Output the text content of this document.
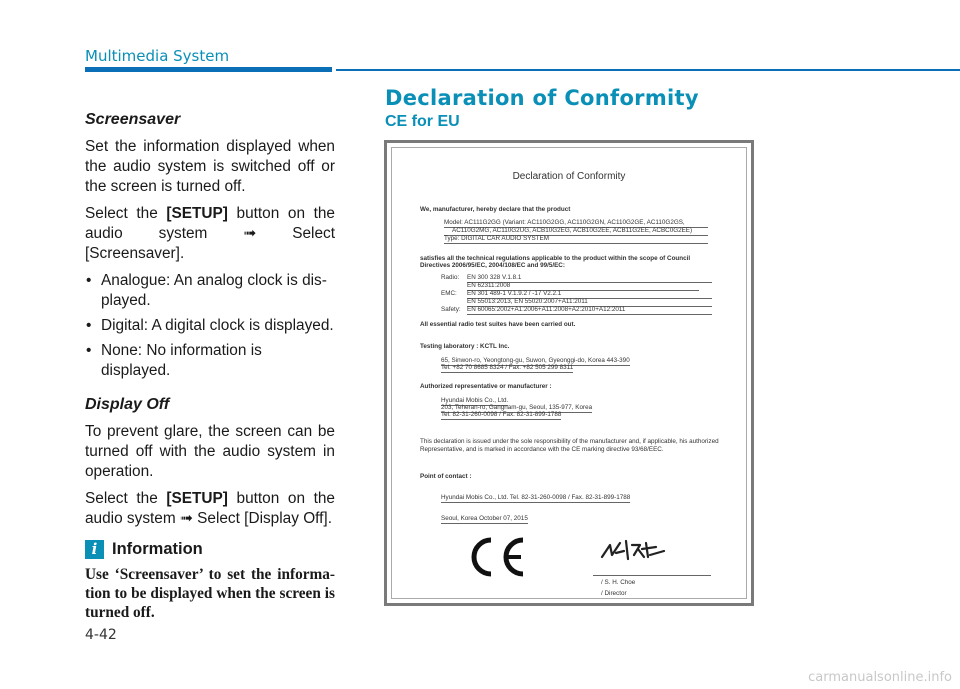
Multimedia System
Screensaver

Set the information displayed when the audio system is switched off or the screen is turned off.

Select the [SETUP] button on the audio system ➟ Select [Screensaver].

• Analogue: An analog clock is dis-played.
• Digital: A digital clock is displayed.
• None: No information is displayed.
Display Off

To prevent glare, the screen can be turned off with the audio system in operation.

Select the [SETUP] button on the audio system ➟ Select [Display Off].

i Information
Use ‘Screensaver’ to set the informa-tion to be displayed when the screen is turned off.
Declaration of Conformity
CE for EU
Declaration of Conformity
We, manufacturer, hereby declare that the product
Model: AC111G2GG (Variant: AC110G2GG, AC110G2GN, AC110G2GE, AC110G2GS,
AC110G2MG, AC110G2UG, ACB10G2EG, ACB10G2EE, ACB11G2EE, ACBC0G2EE)
Type: DIGITAL CAR AUDIO SYSTEM
satisfies all the technical regulations applicable to the product within the scope of Council
Directives 2006/95/EC, 2004/108/EC and 99/5/EC:
Radio: EN 300 328 V.1.8.1
EN 62311:2008
EMC: EN 301 489-1 V.1.9.2 / -17 V2.2.1
EN 55013:2013, EN 55020:2007+A11:2011
Safety: EN 60065:2002+A1:2006+A11:2008+A2:2010+A12:2011
All essential radio test suites have been carried out.
Testing laboratory : KCTL Inc.
65, Sinwon-ro, Yeongtong-gu, Suwon, Gyeonggi-do, Korea 443-390
Tel. +82 70 8685 8324 / Fax. +82 505 299 8311
Authorized representative or manufacturer :
Hyundai Mobis Co., Ltd.
203, Teheran-ro, Gangnam-gu, Seoul, 135-977, Korea
Tel. 82-31-260-0098 / Fax. 82-31-899-1788
This declaration is issued under the sole responsibility of the manufacturer and, if applicable, his authorized
Representative, and is marked in accordance with the CE marking directive 93/68/EEC.
Point of contact :
Hyundai Mobis Co., Ltd. Tel. 82-31-260-0098 / Fax. 82-31-899-1788
Seoul, Korea October 07, 2015
/ S. H. Choe
/ Director
4-42
carmanualsonline.info
